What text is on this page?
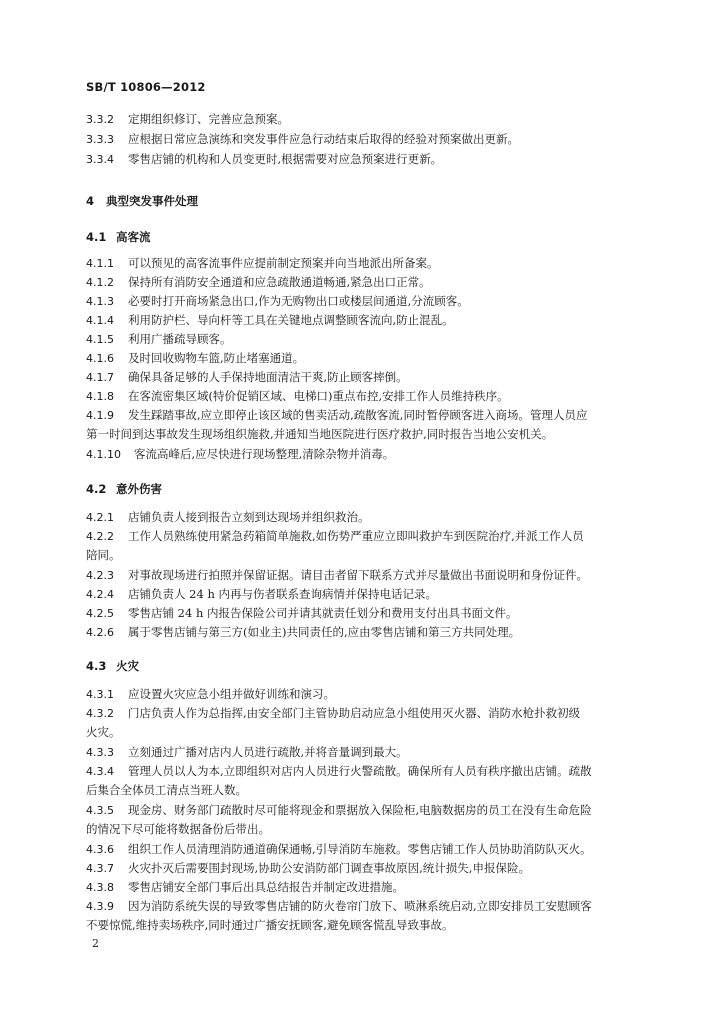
SB/T 10806—2012
3.3.2 定期组织修订、完善应急预案。
3.3.3 应根据日常应急演练和突发事件应急行动结束后取得的经验对预案做出更新。
3.3.4 零售店铺的机构和人员变更时,根据需要对应急预案进行更新。
4 典型突发事件处理
4.1 高客流
4.1.1 可以预见的高客流事件应提前制定预案并向当地派出所备案。
4.1.2 保持所有消防安全通道和应急疏散通道畅通,紧急出口正常。
4.1.3 必要时打开商场紧急出口,作为无购物出口或楼层间通道,分流顾客。
4.1.4 利用防护栏、导向杆等工具在关键地点调整顾客流向,防止混乱。
4.1.5 利用广播疏导顾客。
4.1.6 及时回收购物车篮,防止堵塞通道。
4.1.7 确保具备足够的人手保持地面清洁干爽,防止顾客摔倒。
4.1.8 在客流密集区域(特价促销区域、电梯口)重点布控,安排工作人员维持秩序。
4.1.9 发生踩踏事故,应立即停止该区域的售卖活动,疏散客流,同时暂停顾客进入商场。管理人员应
第一时间到达事故发生现场组织施救,并通知当地医院进行医疗救护,同时报告当地公安机关。
4.1.10 客流高峰后,应尽快进行现场整理,清除杂物并消毒。
4.2 意外伤害
4.2.1 店铺负责人接到报告立刻到达现场并组织救治。
4.2.2 工作人员熟练使用紧急药箱简单施救,如伤势严重应立即叫救护车到医院治疗,并派工作人员
陪同。
4.2.3 对事故现场进行拍照并保留证据。请目击者留下联系方式并尽量做出书面说明和身份证件。
4.2.4 店铺负责人 24 h 内再与伤者联系查询病情并保持电话记录。
4.2.5 零售店铺 24 h 内报告保险公司并请其就责任划分和费用支付出具书面文件。
4.2.6 属于零售店铺与第三方(如业主)共同责任的,应由零售店铺和第三方共同处理。
4.3 火灾
4.3.1 应设置火灾应急小组并做好训练和演习。
4.3.2 门店负责人作为总指挥,由安全部门主管协助启动应急小组使用灭火器、消防水枪扑救初级
火灾。
4.3.3 立刻通过广播对店内人员进行疏散,并将音量调到最大。
4.3.4 管理人员以人为本,立即组织对店内人员进行火警疏散。确保所有人员有秩序撤出店铺。疏散
后集合全体员工清点当班人数。
4.3.5 现金房、财务部门疏散时尽可能将现金和票据放入保险柜,电脑数据房的员工在没有生命危险
的情况下尽可能将数据备份后带出。
4.3.6 组织工作人员清理消防通道确保通畅,引导消防车施救。零售店铺工作人员协助消防队灭火。
4.3.7 火灾扑灭后需要围封现场,协助公安消防部门调查事故原因,统计损失,申报保险。
4.3.8 零售店铺安全部门事后出具总结报告并制定改进措施。
4.3.9 因为消防系统失误的导致零售店铺的防火卷帘门放下、喷淋系统启动,立即安排员工安慰顾客
不要惊慌,维持卖场秩序,同时通过广播安抚顾客,避免顾客慌乱导致事故。
2
